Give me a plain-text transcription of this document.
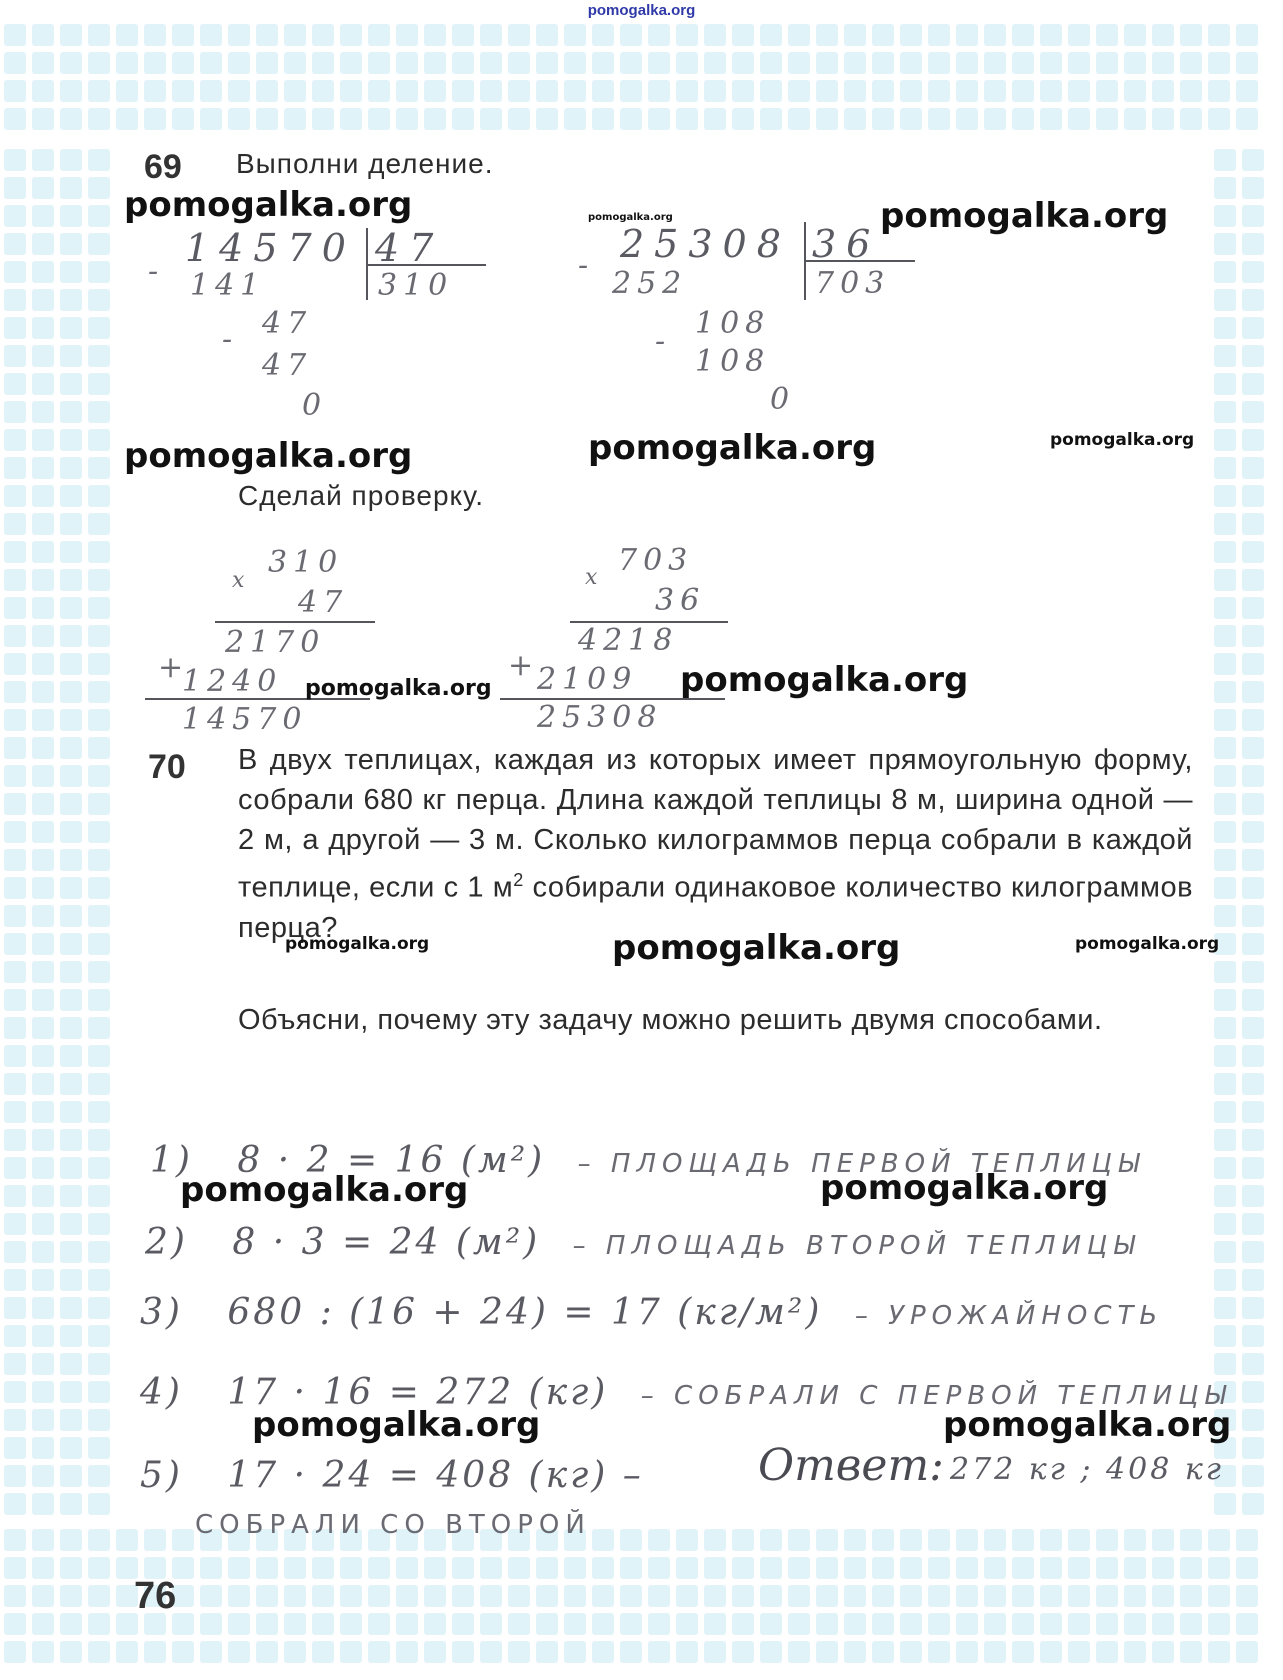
pomogalka.org
69 Выполни деление.
-
14570 47
141	310
- 47
47
0
- 25308 36
252	703
-
108
108
0
Сделай проверку.
x
310
47
2170
+
1240
14570
x 703
36
4218
+
2109
25308
70 В двух теплицах, каждая из которых имеет прямоугольную форму, собрали 680 кг перца. Длина каждой теплицы 8 м, ширина одной — 2 м, а другой — 3 м. Сколько килограммов перца собрали в каждой теплице, если с 1 $м^2$ собирали одинаковое количество килограммов перца?
Объясни, почему эту задачу можно решить двумя способами.
1) 8 · 2 = 16 (м²) – ПЛОЩАДЬ ПЕРВОЙ ТЕПЛИЦЫ
2) 8 · 3 = 24 (м²) – ПЛОЩАДЬ ВТОРОЙ ТЕПЛИЦЫ
3) 680 : (16 + 24) = 17 (кг/м²) – УРОЖАЙНОСТЬ
4) 17 · 16 = 272 (кг) – СОБРАЛИ С ПЕРВОЙ ТЕПЛИЦЫ
5) 17 · 24 = 408 (кг) –
СОБРАЛИ СО ВТОРОЙ
Ответ: 272 кг ; 408 кг
76
pomogalka.org	pomogalka.org	pomogalka.org
pomogalka.org	pomogalka.org	pomogalka.org
pomogalka.org	pomogalka.org
pomogalka.org	pomogalka.org	pomogalka.org
pomogalka.org	pomogalka.org
pomogalka.org	pomogalka.org
